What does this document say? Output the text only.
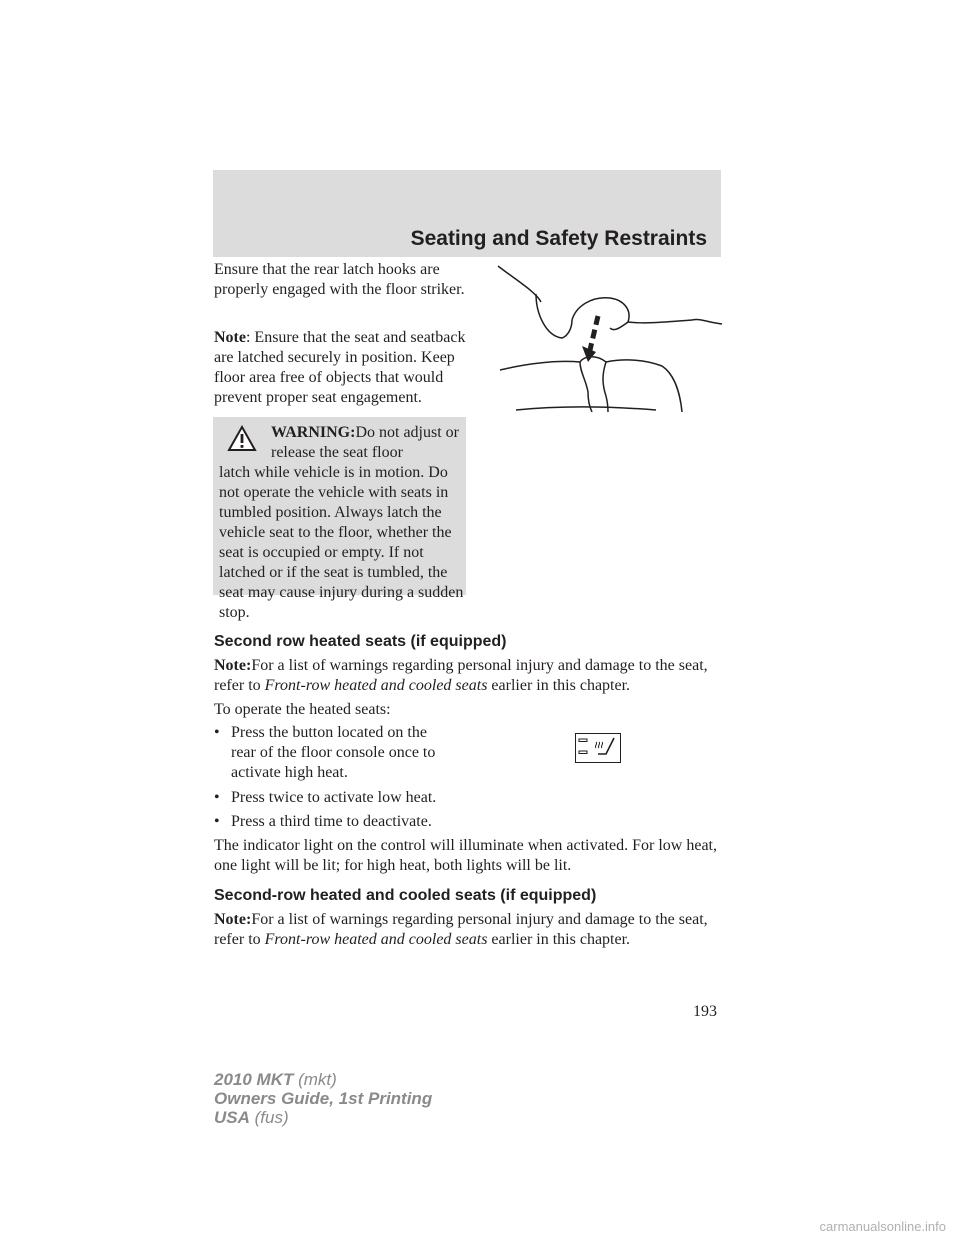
Seating and Safety Restraints
Ensure that the rear latch hooks are properly engaged with the floor striker.
Note: Ensure that the seat and seatback are latched securely in position. Keep floor area free of objects that would prevent proper seat engagement.
WARNING:Do not adjust or release the seat floor
latch while vehicle is in motion. Do not operate the vehicle with seats in tumbled position. Always latch the vehicle seat to the floor, whether the seat is occupied or empty. If not latched or if the seat is tumbled, the seat may cause injury during a sudden stop.
Second row heated seats (if equipped)
Note:For a list of warnings regarding personal injury and damage to the seat, refer to Front-row heated and cooled seats earlier in this chapter.
To operate the heated seats:
• Press the button located on the
rear of the floor console once to
activate high heat.
• Press twice to activate low heat.
• Press a third time to deactivate.
The indicator light on the control will illuminate when activated. For low heat, one light will be lit; for high heat, both lights will be lit.
Second-row heated and cooled seats (if equipped)
Note:For a list of warnings regarding personal injury and damage to the seat, refer to Front-row heated and cooled seats earlier in this chapter.
193
2010 MKT (mkt)
Owners Guide, 1st Printing
USA (fus)
carmanualsonline.info
